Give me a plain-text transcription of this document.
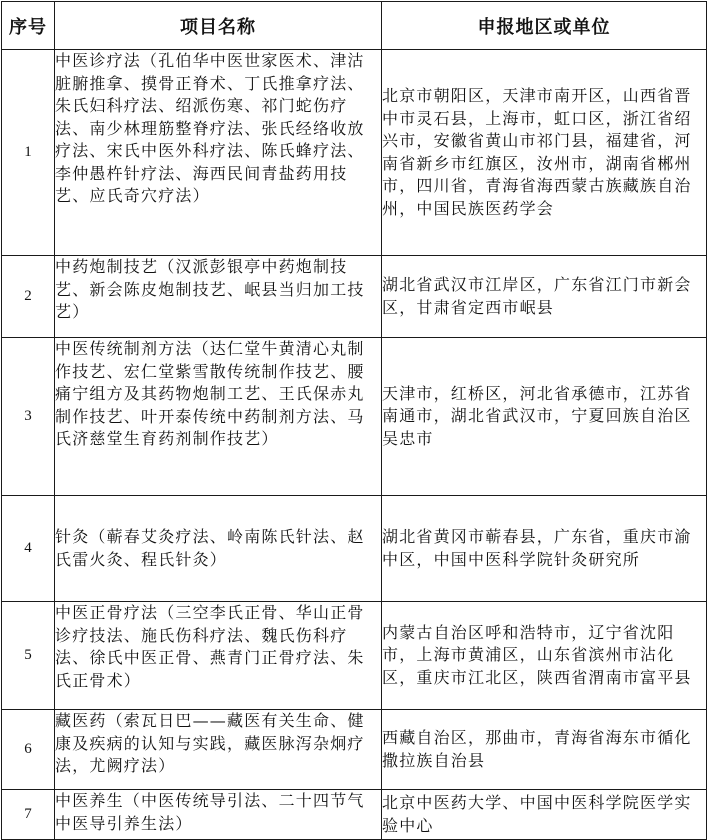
序号	项目名称	申报地区或单位
1	中医诊疗法（孔伯华中医世家医术、津沽脏腑推拿、摸骨正脊术、丁氏推拿疗法、朱氏妇科疗法、绍派伤寒、祁门蛇伤疗法、南少林理筋整脊疗法、张氏经络收放疗法、宋氏中医外科疗法、陈氏蜂疗法、李仲愚杵针疗法、海西民间青盐药用技艺、应氏奇穴疗法）	北京市朝阳区，天津市南开区，山西省晋中市灵石县，上海市，虹口区，浙江省绍兴市，安徽省黄山市祁门县，福建省，河南省新乡市红旗区，汝州市，湖南省郴州市，四川省，青海省海西蒙古族藏族自治州，中国民族医药学会
2	中药炮制技艺（汉派彭银亭中药炮制技艺、新会陈皮炮制技艺、岷县当归加工技艺）	湖北省武汉市江岸区，广东省江门市新会区，甘肃省定西市岷县
3	中医传统制剂方法（达仁堂牛黄清心丸制作技艺、宏仁堂紫雪散传统制作技艺、腰痛宁组方及其药物炮制工艺、王氏保赤丸制作技艺、叶开泰传统中药制剂方法、马氏济慈堂生育药剂制作技艺）	天津市，红桥区，河北省承德市，江苏省南通市，湖北省武汉市，宁夏回族自治区吴忠市
4	针灸（蕲春艾灸疗法、岭南陈氏针法、赵氏雷火灸、程氏针灸）	湖北省黄冈市蕲春县，广东省，重庆市渝中区，中国中医科学院针灸研究所
5	中医正骨疗法（三空李氏正骨、华山正骨诊疗技法、施氏伤科疗法、魏氏伤科疗法、徐氏中医正骨、燕青门正骨疗法、朱氏正骨术）	内蒙古自治区呼和浩特市，辽宁省沈阳市，上海市黄浦区，山东省滨州市沾化区，重庆市江北区，陕西省渭南市富平县
6	藏医药（索瓦日巴——藏医有关生命、健康及疾病的认知与实践，藏医脉泻杂炯疗法，尤阙疗法）	西藏自治区，那曲市，青海省海东市循化撒拉族自治县
7	中医养生（中医传统导引法、二十四节气中医导引养生法）	北京中医药大学、中国中医科学院医学实验中心
